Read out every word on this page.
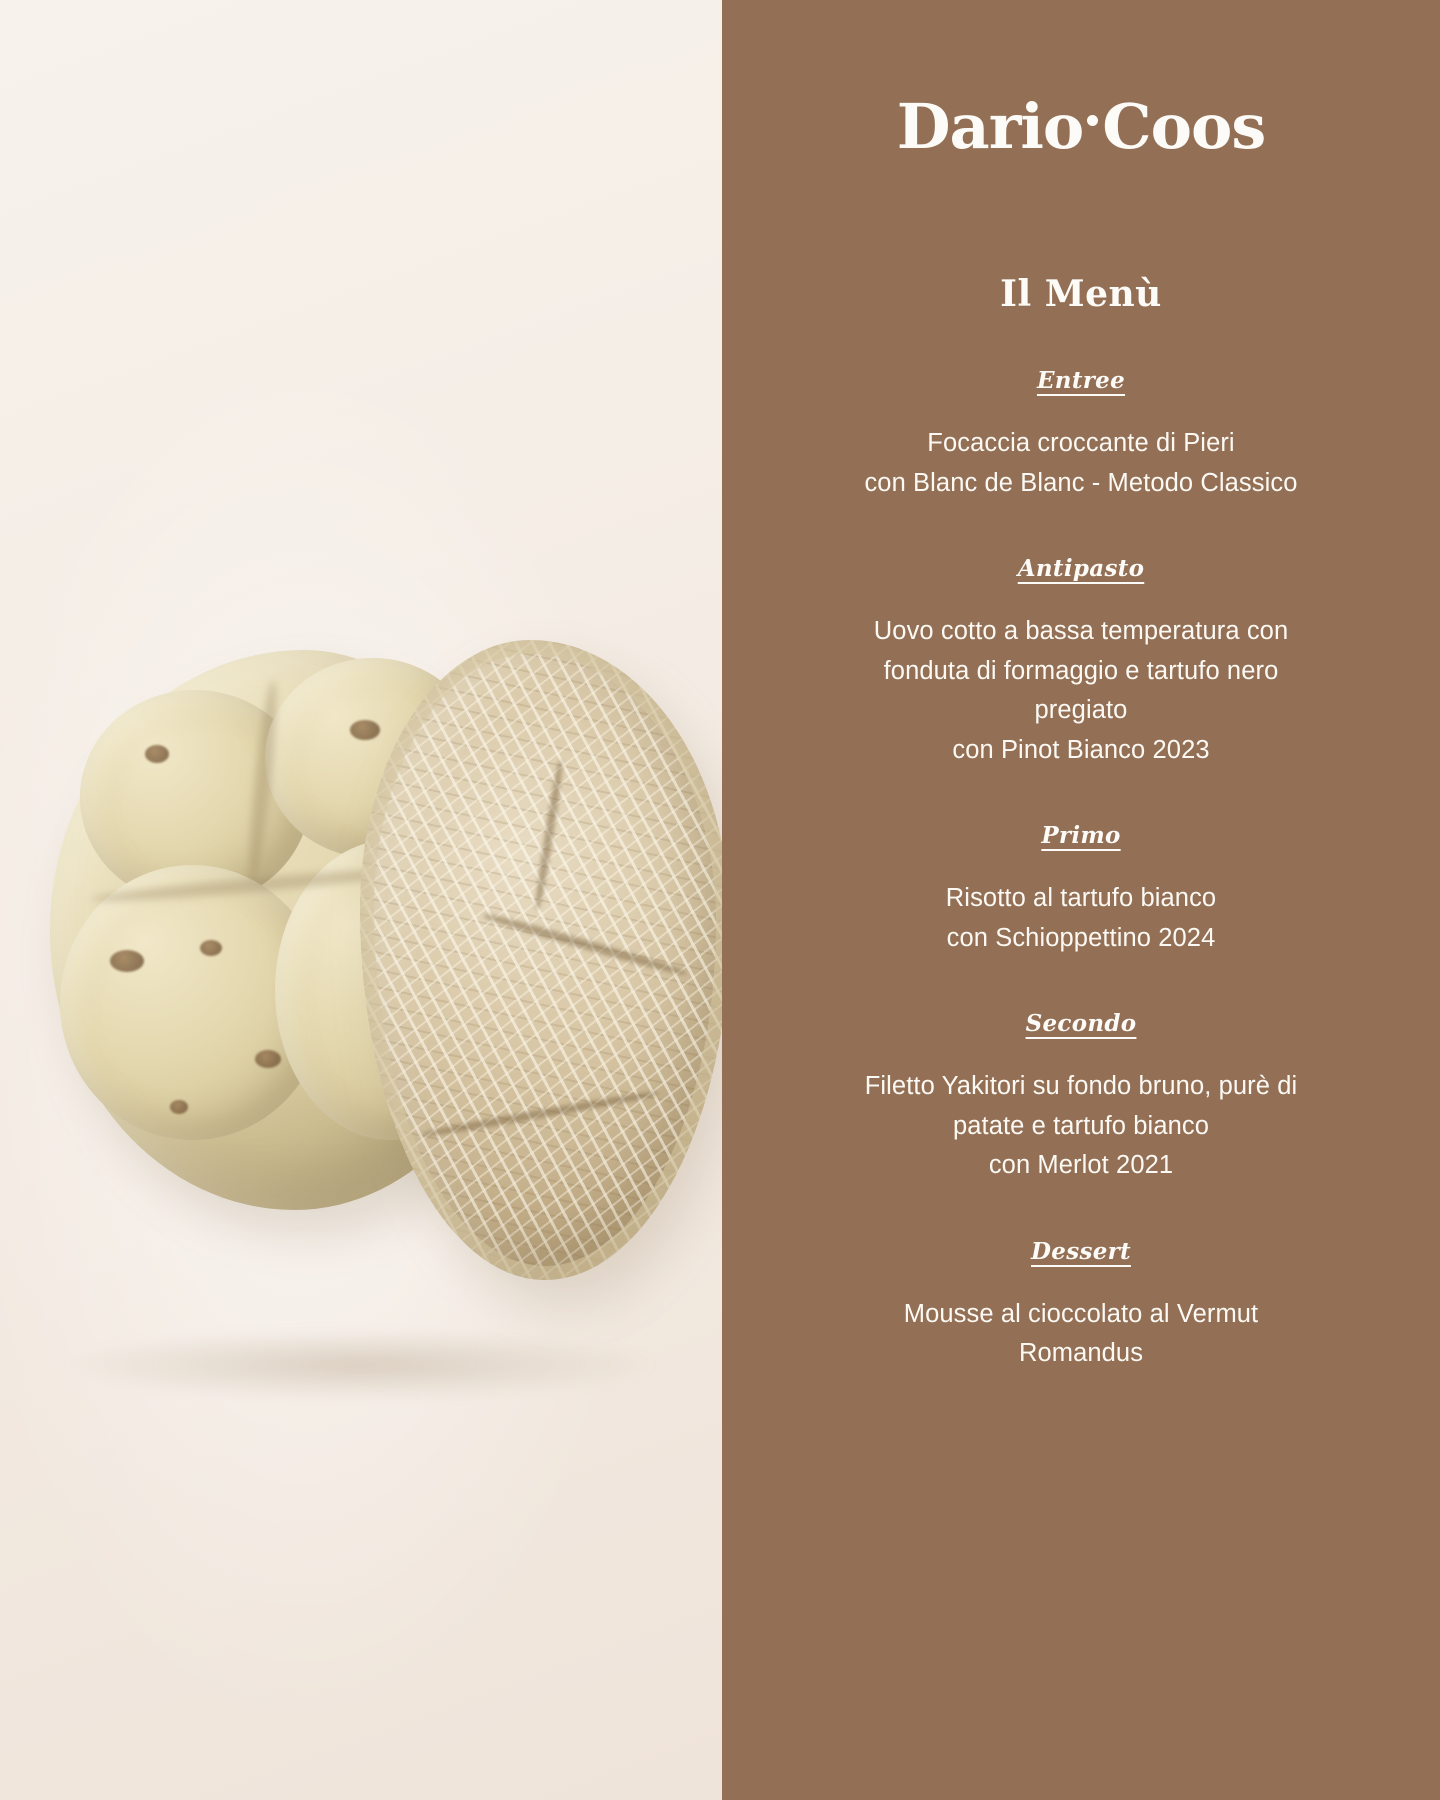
Dario Coos
Il Menù
Entree
Focaccia croccante di Pieri
con Blanc de Blanc - Metodo Classico
Antipasto
Uovo cotto a bassa temperatura con
fonduta di formaggio e tartufo nero
pregiato
con Pinot Bianco 2023
Primo
Risotto al tartufo bianco
con Schioppettino 2024
Secondo
Filetto Yakitori su fondo bruno, purè di
patate e tartufo bianco
con Merlot 2021
Dessert
Mousse al cioccolato al Vermut
Romandus
